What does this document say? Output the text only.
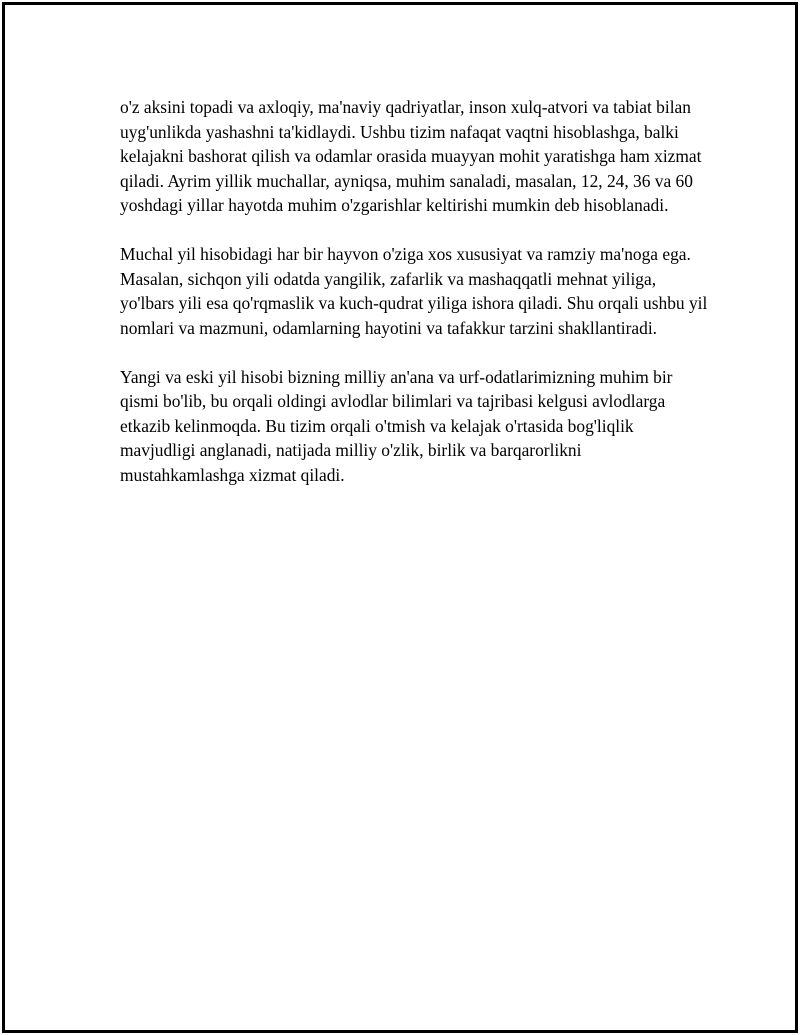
o'z aksini topadi va axloqiy, ma'naviy qadriyatlar, inson xulq-atvori va tabiat bilan uyg'unlikda yashashni ta'kidlaydi. Ushbu tizim nafaqat vaqtni hisoblashga, balki kelajakni bashorat qilish va odamlar orasida muayyan mohit yaratishga ham xizmat qiladi. Ayrim yillik muchallar, ayniqsa, muhim sanaladi, masalan, 12, 24, 36 va 60 yoshdagi yillar hayotda muhim o'zgarishlar keltirishi mumkin deb hisoblanadi.

Muchal yil hisobidagi har bir hayvon o'ziga xos xususiyat va ramziy ma'noga ega. Masalan, sichqon yili odatda yangilik, zafarlik va mashaqqatli mehnat yiliga, yo'lbars yili esa qo'rqmaslik va kuch-qudrat yiliga ishora qiladi. Shu orqali ushbu yil nomlari va mazmuni, odamlarning hayotini va tafakkur tarzini shakllantiradi.

Yangi va eski yil hisobi bizning milliy an'ana va urf-odatlarimizning muhim bir qismi bo'lib, bu orqali oldingi avlodlar bilimlari va tajribasi kelgusi avlodlarga etkazib kelinmoqda. Bu tizim orqali o'tmish va kelajak o'rtasida bog'liqlik mavjudligi anglanadi, natijada milliy o'zlik, birlik va barqarorlikni mustahkamlashga xizmat qiladi.
